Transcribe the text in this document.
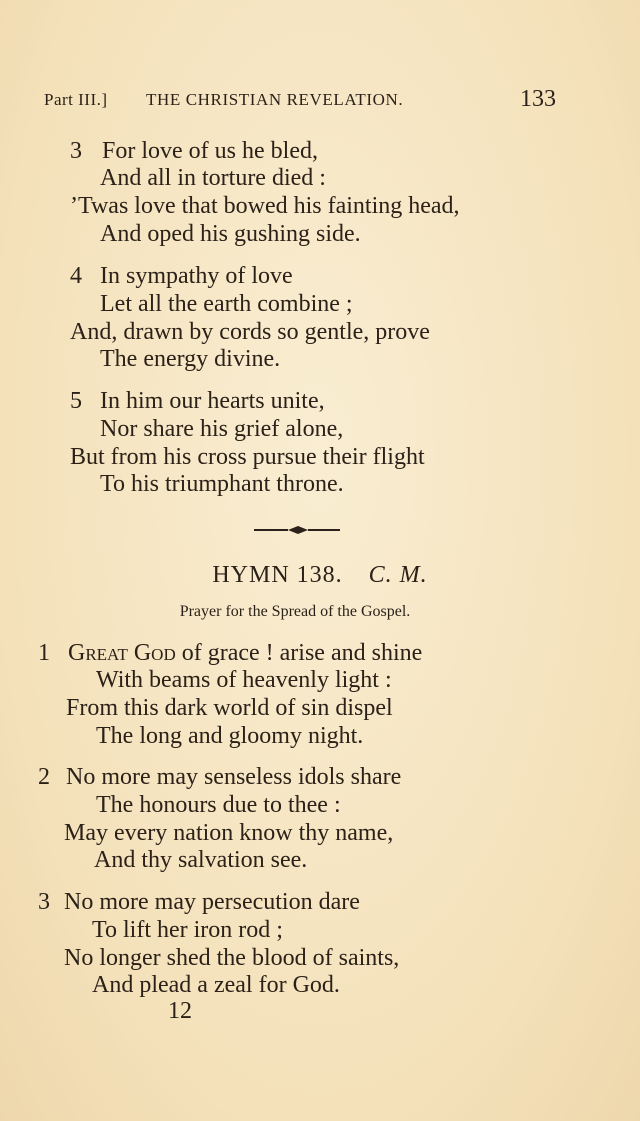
Part III.] THE CHRISTIAN REVELATION.	133
3 For love of us he bled,
And all in torture died :
’Twas love that bowed his fainting head,
And oped his gushing side.
4 In sympathy of love
Let all the earth combine ;
And, drawn by cords so gentle, prove
The energy divine.
5 In him our hearts unite,
Nor share his grief alone,
But from his cross pursue their flight
To his triumphant throne.
HYMN 138. C. M.
Prayer for the Spread of the Gospel.
1 Great God of grace ! arise and shine
With beams of heavenly light :
From this dark world of sin dispel
The long and gloomy night.
2 No more may senseless idols share
The honours due to thee :
May every nation know thy name,
And thy salvation see.
3 No more may persecution dare
To lift her iron rod ;
No longer shed the blood of saints,
And plead a zeal for God.
12
